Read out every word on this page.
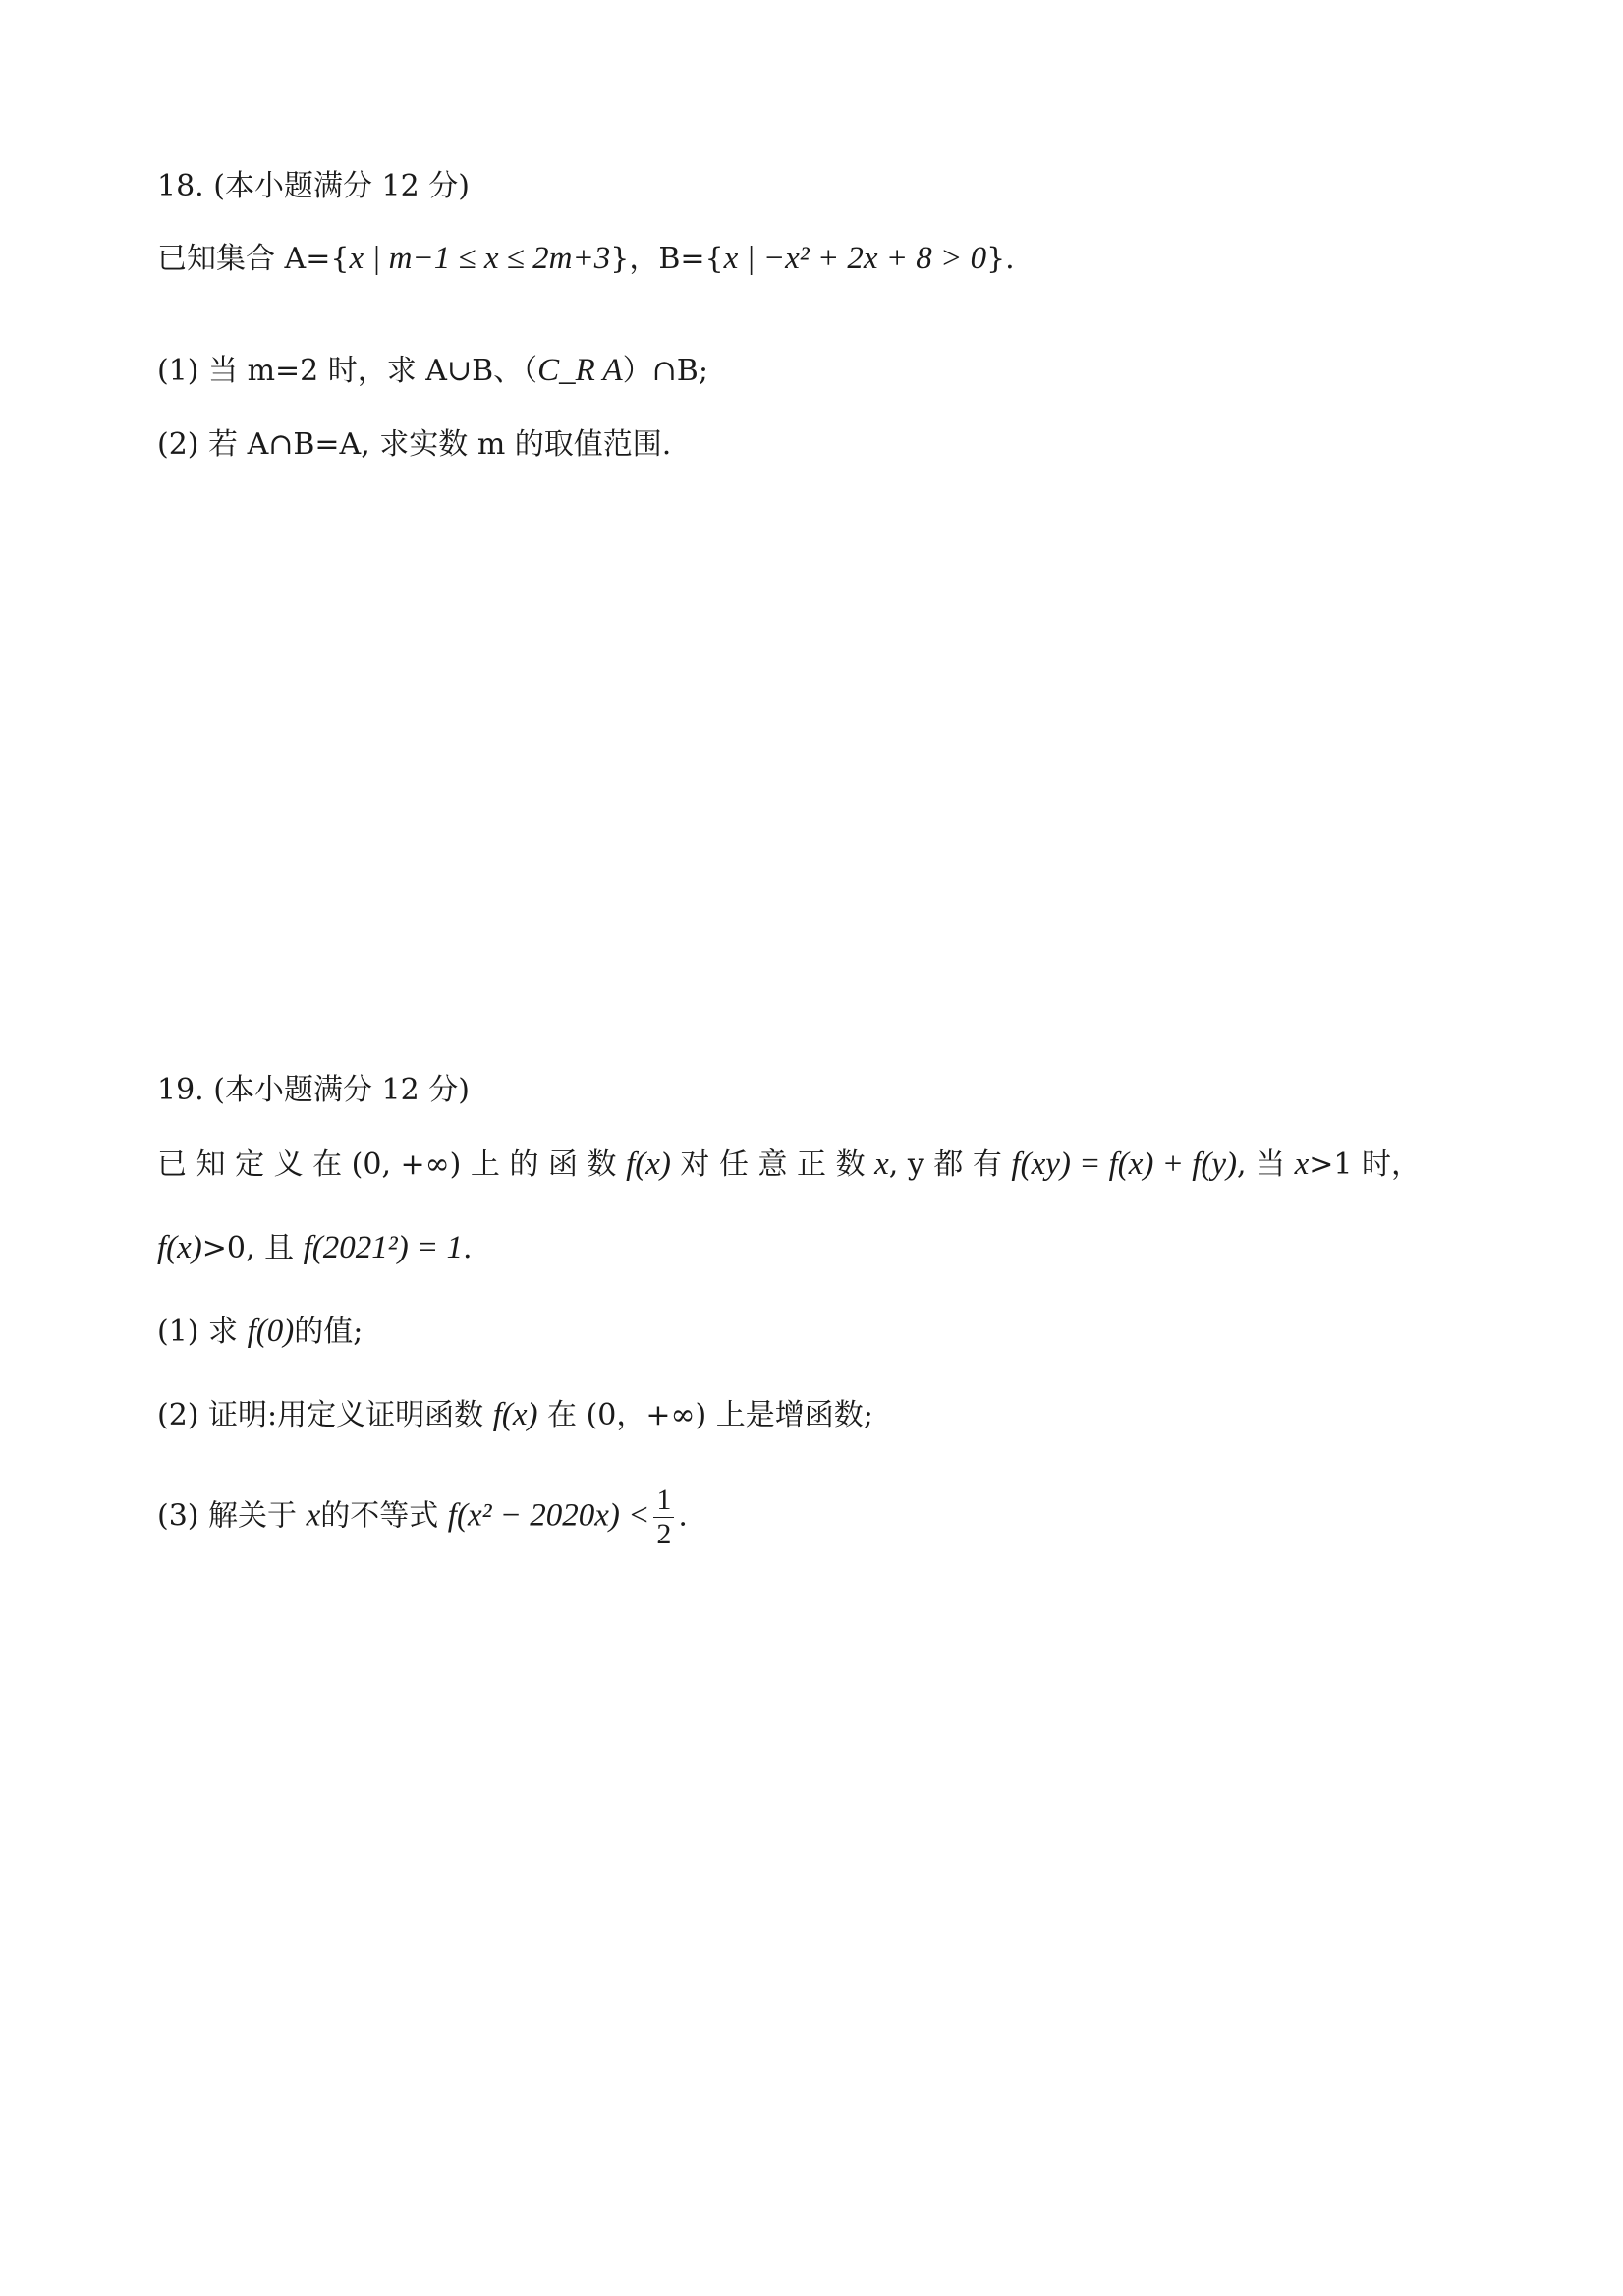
18. (本小题满分 12 分)
已知集合 A={x | m−1 ≤ x ≤ 2m+3}，B={x | −x² + 2x + 8 > 0}.
(1) 当 m=2 时，求 A∪B、（C_R A）∩B;
(2) 若 A∩B=A, 求实数 m 的取值范围.
19. (本小题满分 12 分)
已 知 定 义 在 (0, +∞) 上 的 函 数 f(x) 对 任 意 正 数 x, y 都 有 f(xy) = f(x) + f(y), 当 x>1 时，
f(x)>0, 且 f(2021²) = 1.
(1) 求 f(0)的值;
(2) 证明:用定义证明函数 f(x) 在 (0，+∞) 上是增函数;
(3) 解关于 x的不等式 $f(x^2 - 2020x) < \frac{1}{2}$ .
